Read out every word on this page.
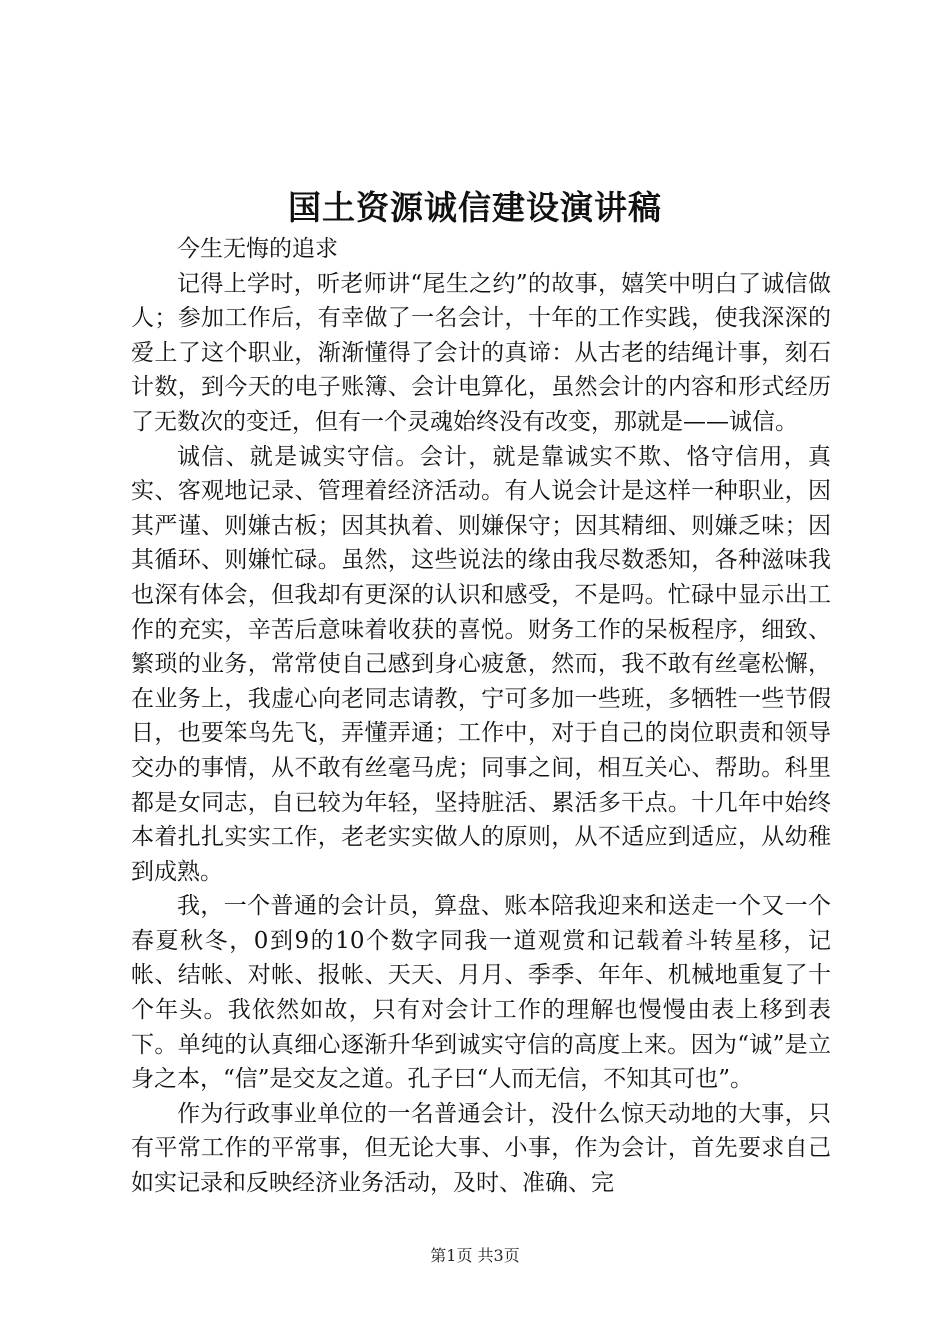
国土资源诚信建设演讲稿

今生无悔的追求

记得上学时，听老师讲“尾生之约”的故事，嬉笑中明白了诚信做人；参加工作后，有幸做了一名会计，十年的工作实践，使我深深的爱上了这个职业，渐渐懂得了会计的真谛：从古老的结绳计事，刻石计数，到今天的电子账簿、会计电算化，虽然会计的内容和形式经历了无数次的变迁，但有一个灵魂始终没有改变，那就是——诚信。

诚信、就是诚实守信。会计，就是靠诚实不欺、恪守信用，真实、客观地记录、管理着经济活动。有人说会计是这样一种职业，因其严谨、则嫌古板；因其执着、则嫌保守；因其精细、则嫌乏味；因其循环、则嫌忙碌。虽然，这些说法的缘由我尽数悉知，各种滋味我也深有体会，但我却有更深的认识和感受，不是吗。忙碌中显示出工作的充实，辛苦后意味着收获的喜悦。财务工作的呆板程序，细致、繁琐的业务，常常使自己感到身心疲惫，然而，我不敢有丝毫松懈，在业务上，我虚心向老同志请教，宁可多加一些班，多牺牲一些节假日，也要笨鸟先飞，弄懂弄通；工作中，对于自己的岗位职责和领导交办的事情，从不敢有丝毫马虎；同事之间，相互关心、帮助。科里都是女同志，自已较为年轻，坚持脏活、累活多干点。十几年中始终本着扎扎实实工作，老老实实做人的原则，从不适应到适应，从幼稚到成熟。

我，一个普通的会计员，算盘、账本陪我迎来和送走一个又一个春夏秋冬，0到9的10个数字同我一道观赏和记载着斗转星移，记帐、结帐、对帐、报帐、天天、月月、季季、年年、机械地重复了十个年头。我依然如故，只有对会计工作的理解也慢慢由表上移到表下。单纯的认真细心逐渐升华到诚实守信的高度上来。因为“诚”是立身之本，“信”是交友之道。孔子曰“人而无信，不知其可也”。

作为行政事业单位的一名普通会计，没什么惊天动地的大事，只有平常工作的平常事，但无论大事、小事，作为会计，首先要求自己如实记录和反映经济业务活动，及时、准确、完

第1页 共3页
